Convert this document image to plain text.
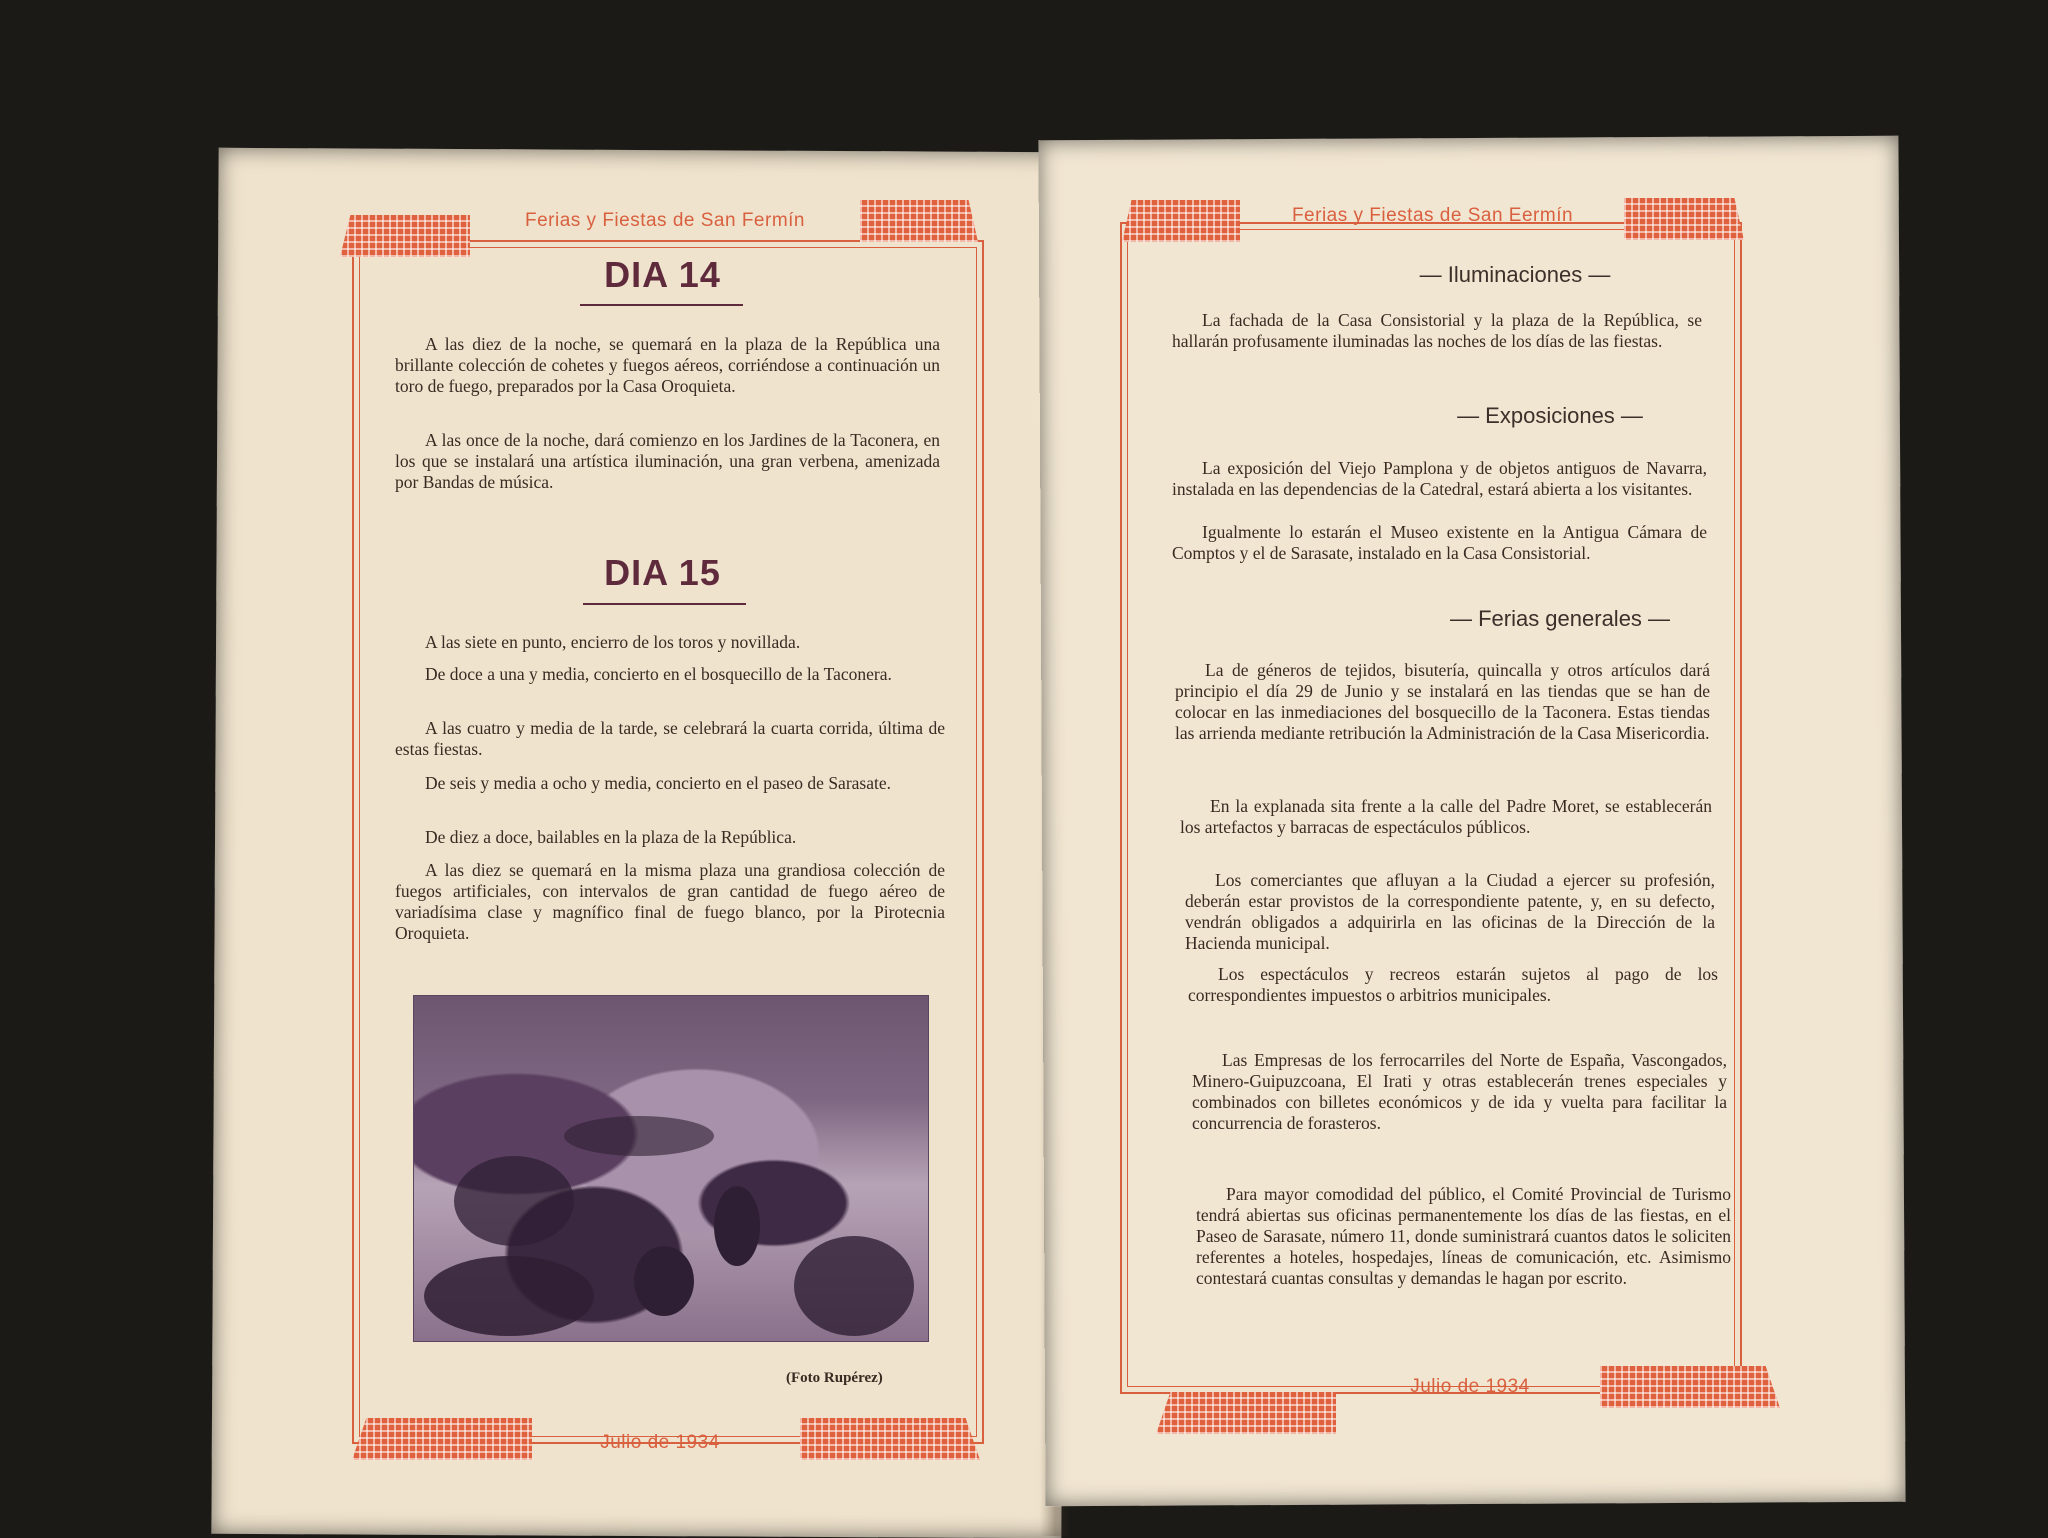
Ferias y Fiestas de San Fermín
DIA 14
A las diez de la noche, se quemará en la plaza de la República una brillante colección de cohetes y fuegos aéreos, corriéndose a continuación un toro de fuego, preparados por la Casa Oroquieta.
A las once de la noche, dará comienzo en los Jardines de la Taconera, en los que se instalará una artística iluminación, una gran verbena, amenizada por Bandas de música.
DIA 15
A las siete en punto, encierro de los toros y novillada.
De doce a una y media, concierto en el bosquecillo de la Taconera.
A las cuatro y media de la tarde, se celebrará la cuarta corrida, última de estas fiestas.
De seis y media a ocho y media, concierto en el paseo de Sarasate.
De diez a doce, bailables en la plaza de la República.
A las diez se quemará en la misma plaza una grandiosa colección de fuegos artificiales, con intervalos de gran cantidad de fuego aéreo de variadísima clase y magnífico final de fuego blanco, por la Pirotecnia Oroquieta.
(Foto Rupérez)
Julio de 1934
Ferias y Fiestas de San Eermín
— Iluminaciones —
La fachada de la Casa Consistorial y la plaza de la República, se hallarán profusamente iluminadas las noches de los días de las fiestas.
— Exposiciones —
La exposición del Viejo Pamplona y de objetos antiguos de Navarra, instalada en las dependencias de la Catedral, estará abierta a los visitantes.
Igualmente lo estarán el Museo existente en la Antigua Cámara de Comptos y el de Sarasate, instalado en la Casa Consistorial.
— Ferias generales —
La de géneros de tejidos, bisutería, quincalla y otros artículos dará principio el día 29 de Junio y se instalará en las tiendas que se han de colocar en las inmediaciones del bosquecillo de la Taconera. Estas tiendas las arrienda mediante retribución la Administración de la Casa Misericordia.
En la explanada sita frente a la calle del Padre Moret, se establecerán los artefactos y barracas de espectáculos públicos.
Los comerciantes que afluyan a la Ciudad a ejercer su profesión, deberán estar provistos de la correspondiente patente, y, en su defecto, vendrán obligados a adquirirla en las oficinas de la Dirección de la Hacienda municipal.
Los espectáculos y recreos estarán sujetos al pago de los correspondientes impuestos o arbitrios municipales.
Las Empresas de los ferrocarriles del Norte de España, Vascongados, Minero-Guipuzcoana, El Irati y otras establecerán trenes especiales y combinados con billetes económicos y de ida y vuelta para facilitar la concurrencia de forasteros.
Para mayor comodidad del público, el Comité Provincial de Turismo tendrá abiertas sus oficinas permanentemente los días de las fiestas, en el Paseo de Sarasate, número 11, donde suministrará cuantos datos le soliciten referentes a hoteles, hospedajes, líneas de comunicación, etc. Asimismo contestará cuantas consultas y demandas le hagan por escrito.
Julio de 1934
